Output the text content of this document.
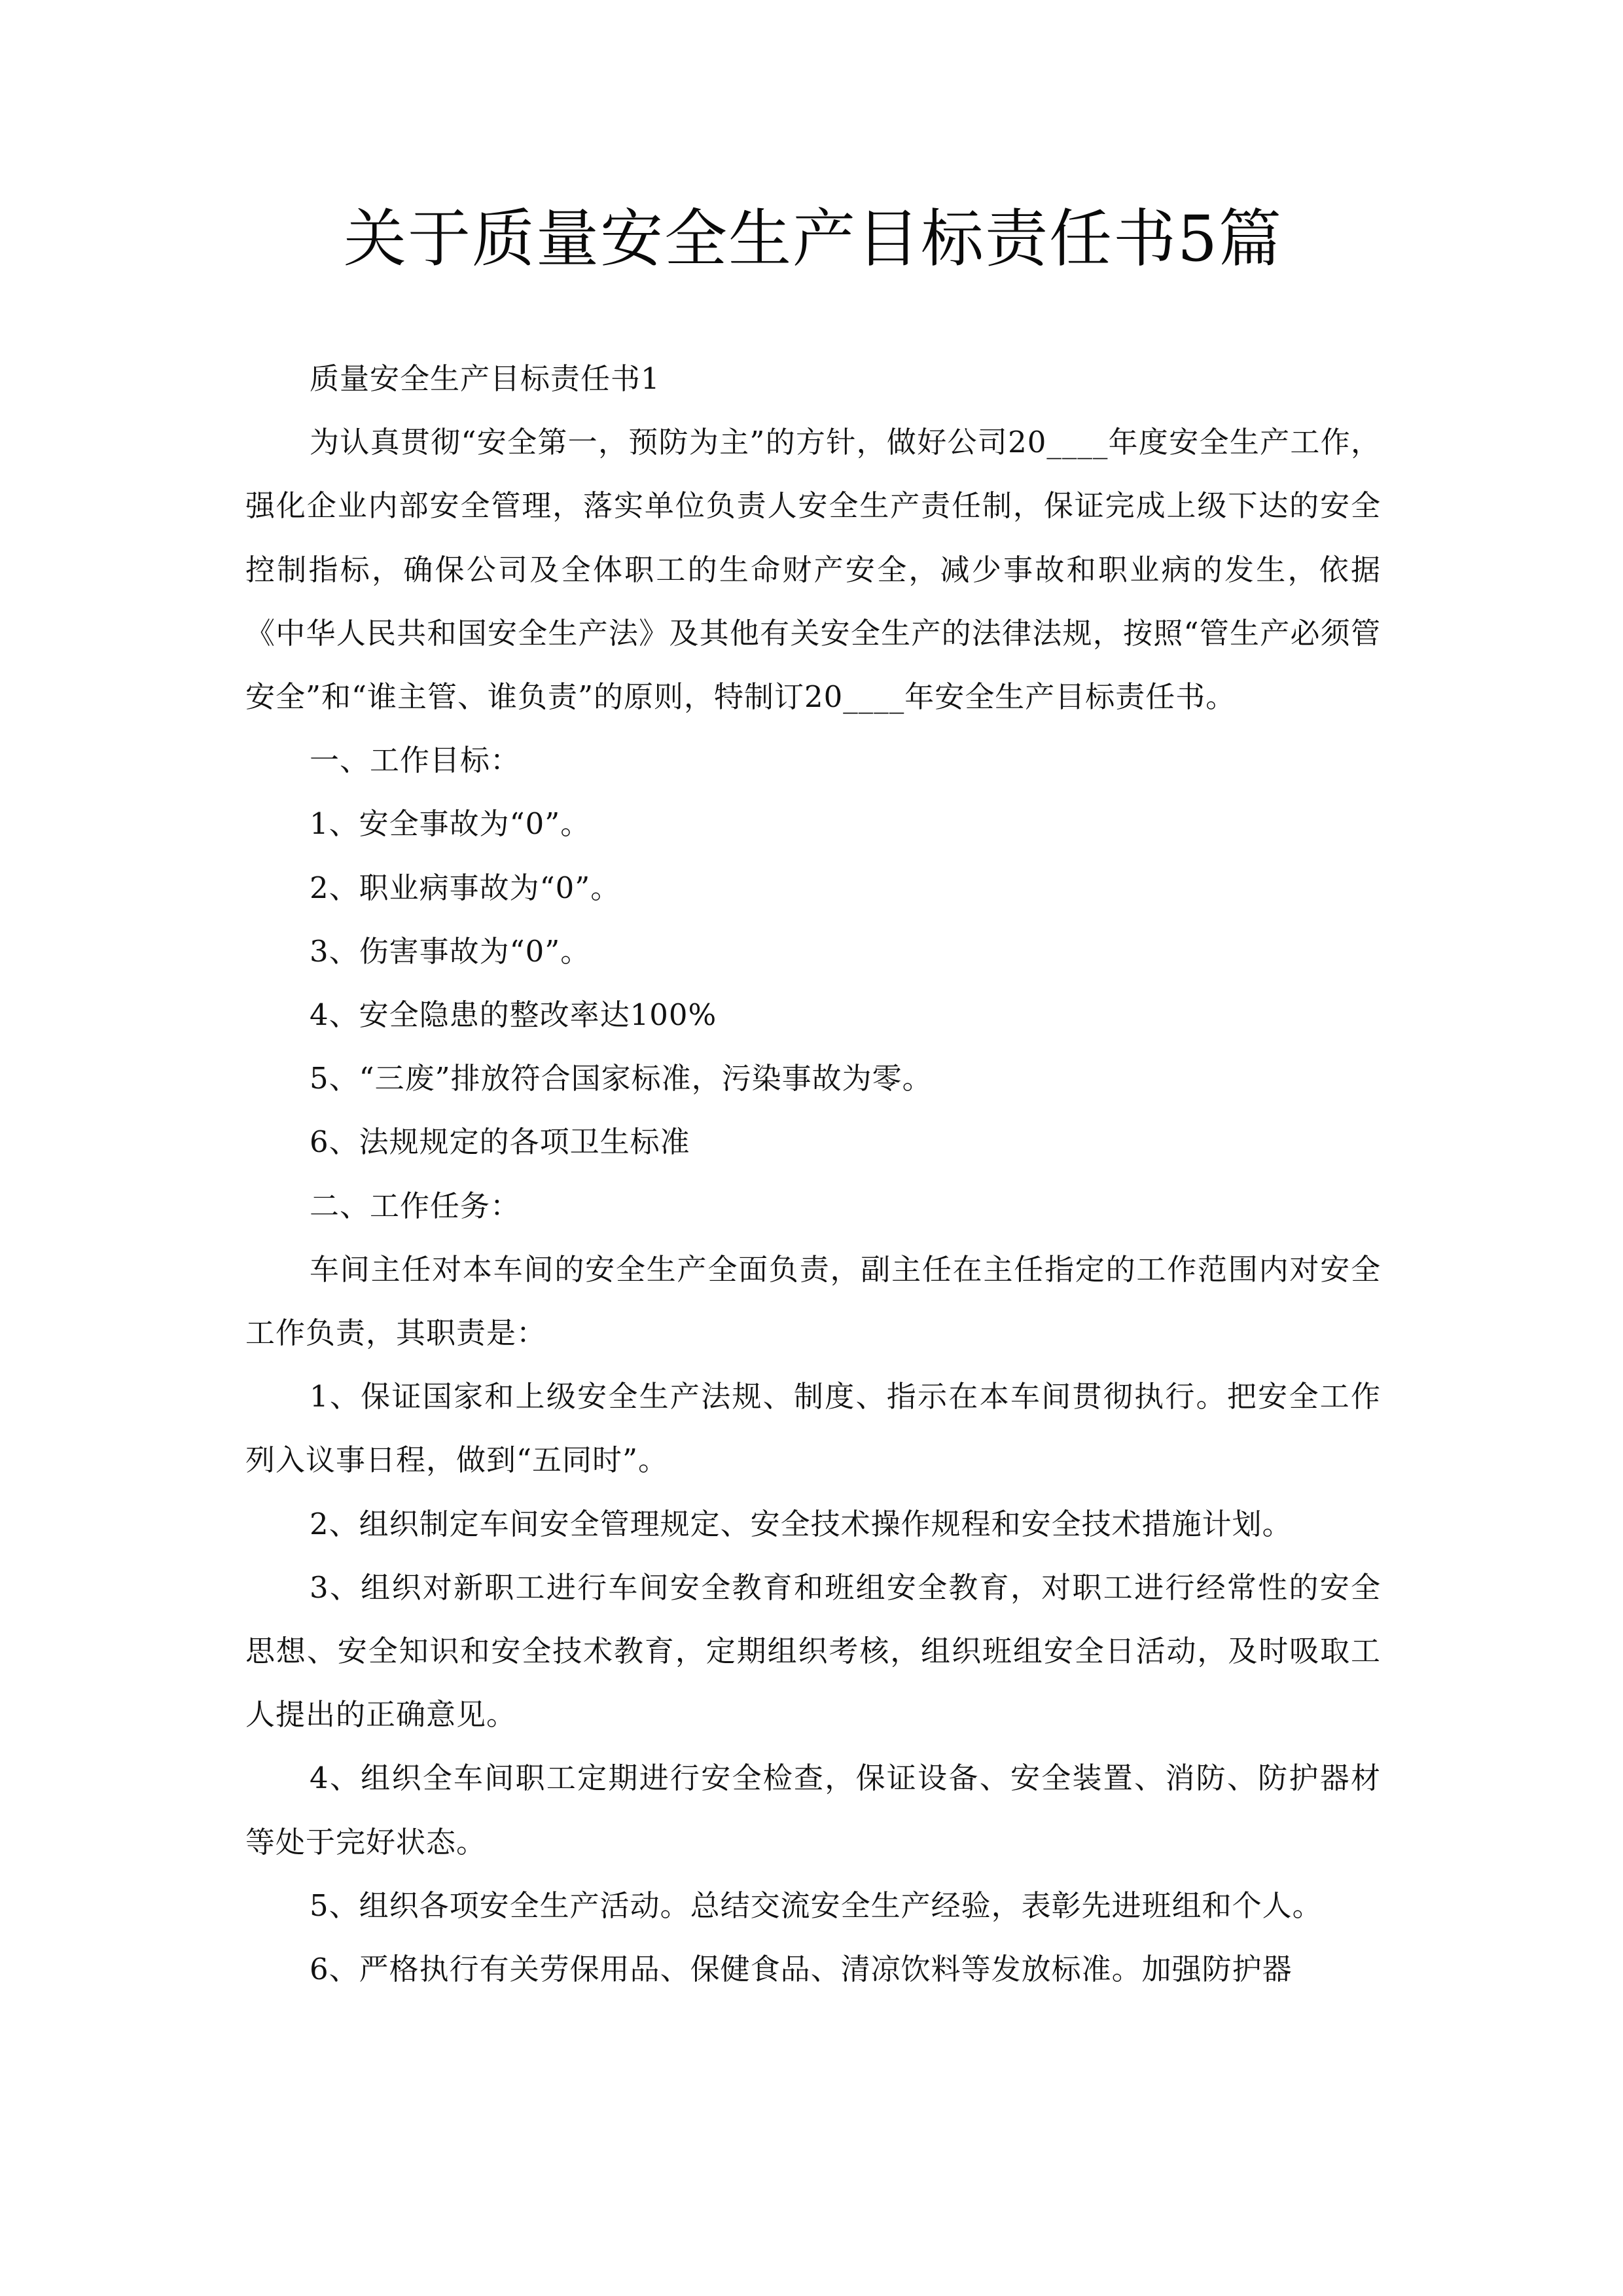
关于质量安全生产目标责任书5篇

质量安全生产目标责任书1

为认真贯彻“安全第一，预防为主”的方针，做好公司20____年度安全生产工作，强化企业内部安全管理，落实单位负责人安全生产责任制，保证完成上级下达的安全控制指标，确保公司及全体职工的生命财产安全，减少事故和职业病的发生，依据《中华人民共和国安全生产法》及其他有关安全生产的法律法规，按照“管生产必须管安全”和“谁主管、谁负责”的原则，特制订20____年安全生产目标责任书。

一、工作目标：

1、安全事故为“0”。

2、职业病事故为“0”。

3、伤害事故为“0”。

4、安全隐患的整改率达100%

5、“三废”排放符合国家标准，污染事故为零。

6、法规规定的各项卫生标准

二、工作任务：

车间主任对本车间的安全生产全面负责，副主任在主任指定的工作范围内对安全工作负责，其职责是：

1、保证国家和上级安全生产法规、制度、指示在本车间贯彻执行。把安全工作列入议事日程，做到“五同时”。

2、组织制定车间安全管理规定、安全技术操作规程和安全技术措施计划。

3、组织对新职工进行车间安全教育和班组安全教育，对职工进行经常性的安全思想、安全知识和安全技术教育，定期组织考核，组织班组安全日活动，及时吸取工人提出的正确意见。

4、组织全车间职工定期进行安全检查，保证设备、安全装置、消防、防护器材等处于完好状态。

5、组织各项安全生产活动。总结交流安全生产经验，表彰先进班组和个人。

6、严格执行有关劳保用品、保健食品、清凉饮料等发放标准。加强防护器
